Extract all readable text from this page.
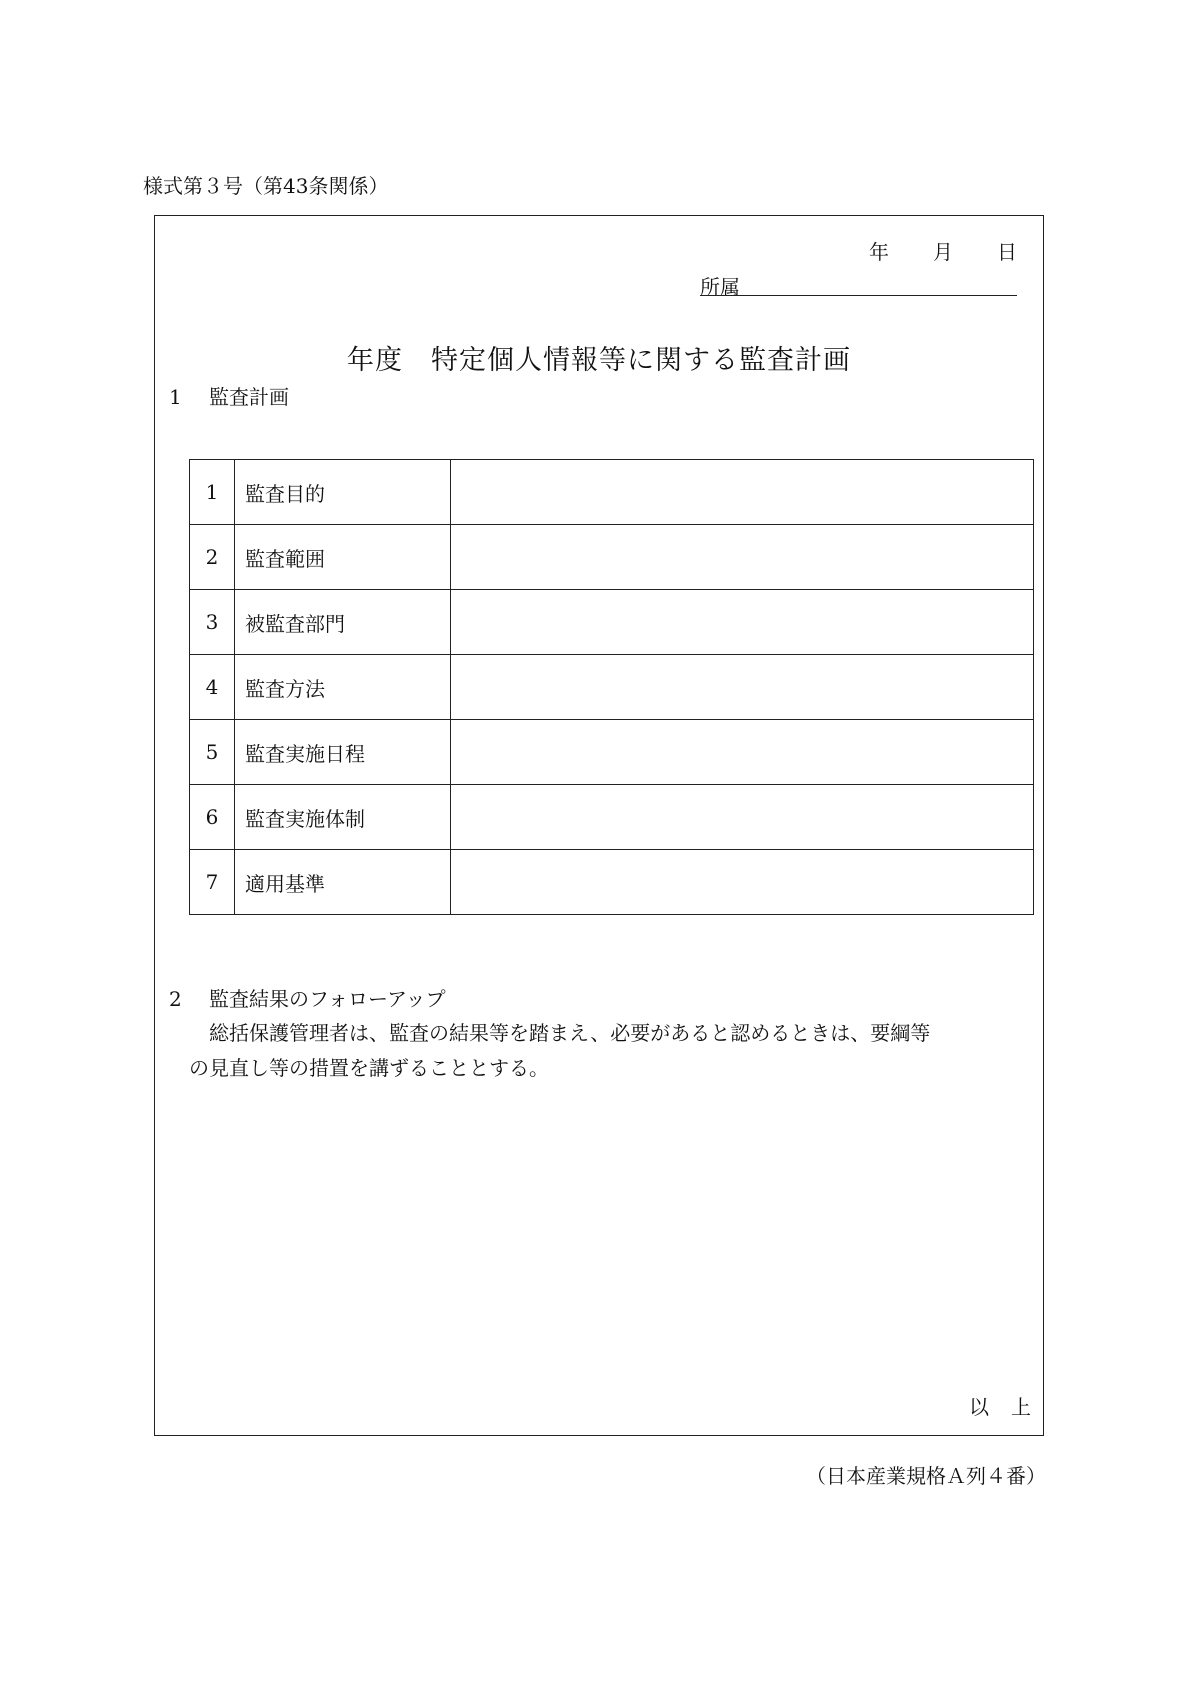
様式第３号（第43条関係）
年 月 日
所属
年度　特定個人情報等に関する監査計画
1 監査計画
1	監査目的	
2	監査範囲	
3	被監査部門	
4	監査方法	
5	監査実施日程	
6	監査実施体制	
7	適用基準	
2 監査結果のフォローアップ

総括保護管理者は、監査の結果等を踏まえ、必要があると認めるときは、要綱等

の見直し等の措置を講ずることとする。

以 上
（日本産業規格Ａ列４番）
